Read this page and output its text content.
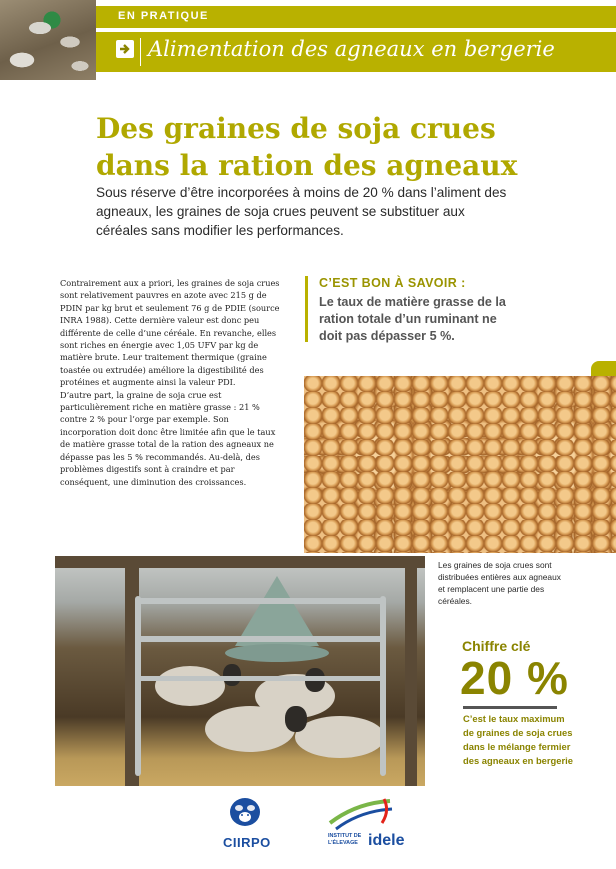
EN PRATIQUE
Alimentation des agneaux en bergerie
Des graines de soja crues
dans la ration des agneaux

Sous réserve d’être incorporées à moins de 20 % dans l’aliment des agneaux, les graines de soja crues peuvent se substituer aux céréales sans modifier les performances.

Contrairement aux a priori, les graines de soja crues sont relativement pauvres en azote avec 215 g de PDIN par kg brut et seulement 76 g de PDIE (source INRA 1988). Cette dernière valeur est donc peu différente de celle d’une céréale. En revanche, elles sont riches en énergie avec 1,05 UFV par kg de matière brute. Leur traitement thermique (graine toastée ou extrudée) améliore la digestibilité des protéines et augmente ainsi la valeur PDI.

D’autre part, la graine de soja crue est particulièrement riche en matière grasse : 21 % contre 2 % pour l’orge par exemple. Son incorporation doit donc être limitée afin que le taux de matière grasse total de la ration des agneaux ne dépasse pas les 5 % recommandés. Au-delà, des problèmes digestifs sont à craindre et par conséquent, une diminution des croissances.

C’EST BON À SAVOIR :
Le taux de matière grasse de la ration totale d’un ruminant ne doit pas dépasser 5 %.
Les graines de soja crues sont distribuées entières aux agneaux et remplacent une partie des céréales.
Chiffre clé
20 %
C’est le taux maximum de graines de soja crues dans le mélange fermier des agneaux en bergerie
CIIRPO	INSTITUT DE L’ÉLEVAGE idele
